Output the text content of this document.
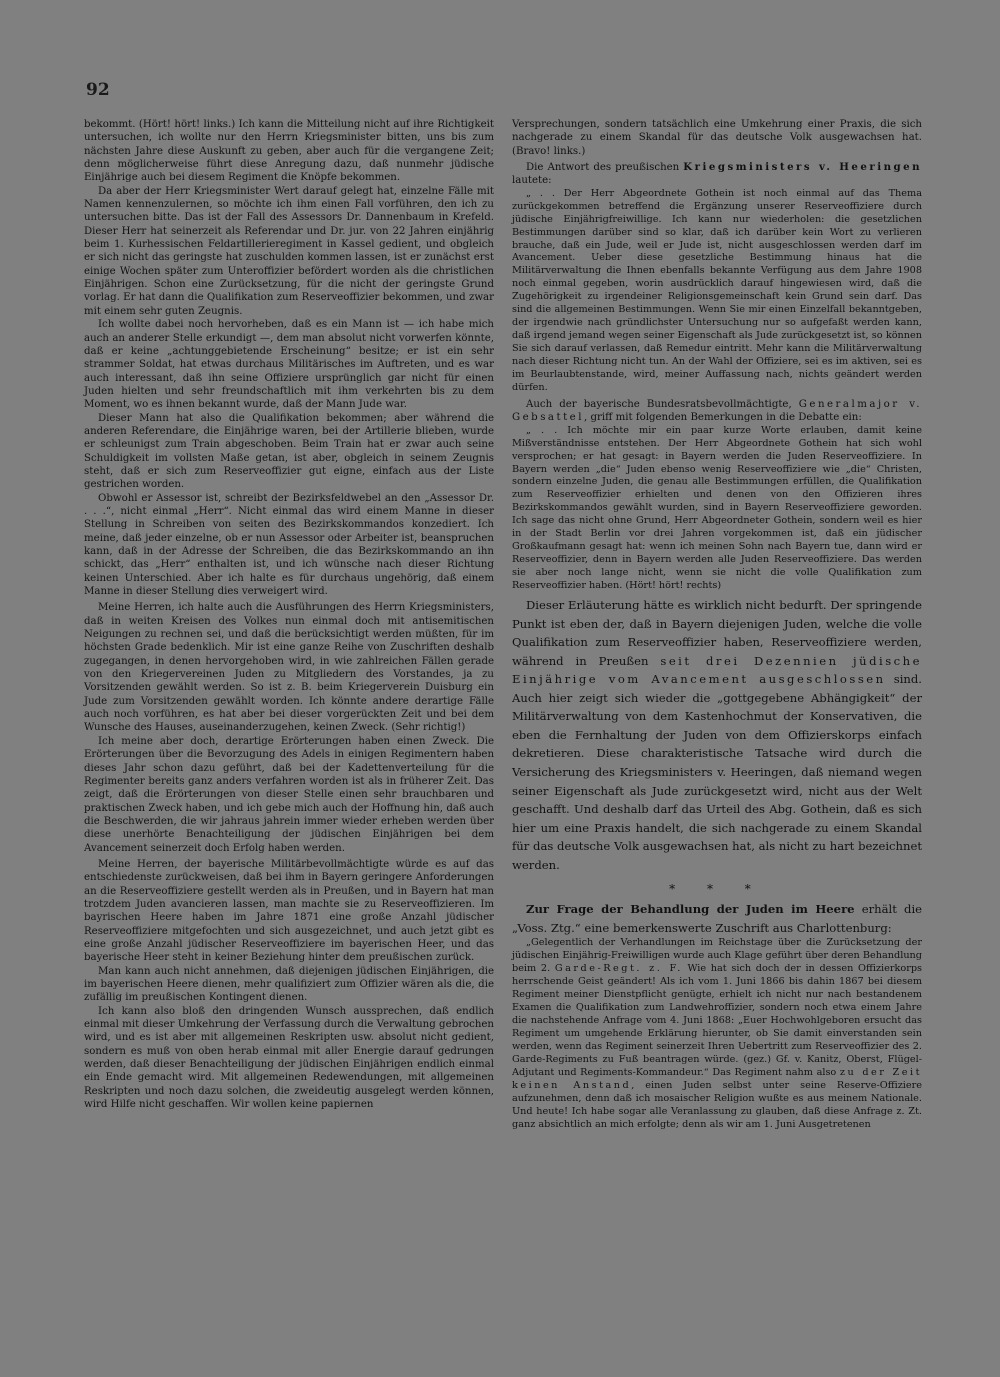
92

bekommt. (Hört! hört! links.) Ich kann die Mitteilung nicht auf ihre Richtigkeit untersuchen, ich wollte nur den Herrn Kriegsminister bitten, uns bis zum nächsten Jahre diese Auskunft zu geben, aber auch für die vergangene Zeit; denn möglicherweise führt diese Anregung dazu, daß nunmehr jüdische Einjährige auch bei diesem Regiment die Knöpfe bekommen.

Da aber der Herr Kriegsminister Wert darauf gelegt hat, einzelne Fälle mit Namen kennenzulernen, so möchte ich ihm einen Fall vorführen, den ich zu untersuchen bitte. Das ist der Fall des Assessors Dr. Dannenbaum in Krefeld. Dieser Herr hat seinerzeit als Referendar und Dr. jur. von 22 Jahren einjährig beim 1. Kurhessischen Feldartillerieregiment in Kassel gedient, und obgleich er sich nicht das geringste hat zuschulden kommen lassen, ist er zunächst erst einige Wochen später zum Unteroffizier befördert worden als die christlichen Einjährigen. Schon eine Zurücksetzung, für die nicht der geringste Grund vorlag. Er hat dann die Qualifikation zum Reserveoffizier bekommen, und zwar mit einem sehr guten Zeugnis.

Ich wollte dabei noch hervorheben, daß es ein Mann ist — ich habe mich auch an anderer Stelle erkundigt —, dem man absolut nicht vorwerfen könnte, daß er keine „achtunggebietende Erscheinung“ besitze; er ist ein sehr strammer Soldat, hat etwas durchaus Militärisches im Auftreten, und es war auch interessant, daß ihn seine Offiziere ursprünglich gar nicht für einen Juden hielten und sehr freundschaftlich mit ihm verkehrten bis zu dem Moment, wo es ihnen bekannt wurde, daß der Mann Jude war.

Dieser Mann hat also die Qualifikation bekommen; aber während die anderen Referendare, die Einjährige waren, bei der Artillerie blieben, wurde er schleunigst zum Train abgeschoben. Beim Train hat er zwar auch seine Schuldigkeit im vollsten Maße getan, ist aber, obgleich in seinem Zeugnis steht, daß er sich zum Reserveoffizier gut eigne, einfach aus der Liste gestrichen worden.

Obwohl er Assessor ist, schreibt der Bezirksfeldwebel an den „Assessor Dr. . . .“, nicht einmal „Herr“. Nicht einmal das wird einem Manne in dieser Stellung in Schreiben von seiten des Bezirkskommandos konzediert. Ich meine, daß jeder einzelne, ob er nun Assessor oder Arbeiter ist, beanspruchen kann, daß in der Adresse der Schreiben, die das Bezirkskommando an ihn schickt, das „Herr“ enthalten ist, und ich wünsche nach dieser Richtung keinen Unterschied. Aber ich halte es für durchaus ungehörig, daß einem Manne in dieser Stellung dies verweigert wird.

Meine Herren, ich halte auch die Ausführungen des Herrn Kriegsministers, daß in weiten Kreisen des Volkes nun einmal doch mit antisemitischen Neigungen zu rechnen sei, und daß die berücksichtigt werden müßten, für im höchsten Grade bedenklich. Mir ist eine ganze Reihe von Zuschriften deshalb zugegangen, in denen hervorgehoben wird, in wie zahlreichen Fällen gerade von den Kriegervereinen Juden zu Mitgliedern des Vorstandes, ja zu Vorsitzenden gewählt werden. So ist z. B. beim Kriegerverein Duisburg ein Jude zum Vorsitzenden gewählt worden. Ich könnte andere derartige Fälle auch noch vorführen, es hat aber bei dieser vorgerückten Zeit und bei dem Wunsche des Hauses, auseinanderzugehen, keinen Zweck. (Sehr richtig!)

Ich meine aber doch, derartige Erörterungen haben einen Zweck. Die Erörterungen über die Bevorzugung des Adels in einigen Regimentern haben dieses Jahr schon dazu geführt, daß bei der Kadettenverteilung für die Regimenter bereits ganz anders verfahren worden ist als in früherer Zeit. Das zeigt, daß die Erörterungen von dieser Stelle einen sehr brauchbaren und praktischen Zweck haben, und ich gebe mich auch der Hoffnung hin, daß auch die Beschwerden, die wir jahraus jahrein immer wieder erheben werden über diese unerhörte Benachteiligung der jüdischen Einjährigen bei dem Avancement seinerzeit doch Erfolg haben werden.

Meine Herren, der bayerische Militärbevollmächtigte würde es auf das entschiedenste zurückweisen, daß bei ihm in Bayern geringere Anforderungen an die Reserveoffiziere gestellt werden als in Preußen, und in Bayern hat man trotzdem Juden avancieren lassen, man machte sie zu Reserveoffizieren. Im bayrischen Heere haben im Jahre 1871 eine große Anzahl jüdischer Reserveoffiziere mitgefochten und sich ausgezeichnet, und auch jetzt gibt es eine große Anzahl jüdischer Reserveoffiziere im bayerischen Heer, und das bayerische Heer steht in keiner Beziehung hinter dem preußischen zurück.

Man kann auch nicht annehmen, daß diejenigen jüdischen Einjährigen, die im bayerischen Heere dienen, mehr qualifiziert zum Offizier wären als die, die zufällig im preußischen Kontingent dienen.

Ich kann also bloß den dringenden Wunsch aussprechen, daß endlich einmal mit dieser Umkehrung der Verfassung durch die Verwaltung gebrochen wird, und es ist aber mit allgemeinen Reskripten usw. absolut nicht gedient, sondern es muß von oben herab einmal mit aller Energie darauf gedrungen werden, daß dieser Benachteiligung der jüdischen Einjährigen endlich einmal ein Ende gemacht wird. Mit allgemeinen Redewendungen, mit allgemeinen Reskripten und noch dazu solchen, die zweideutig ausgelegt werden können, wird Hilfe nicht geschaffen. Wir wollen keine papiernen

Versprechungen, sondern tatsächlich eine Umkehrung einer Praxis, die sich nachgerade zu einem Skandal für das deutsche Volk ausgewachsen hat. (Bravo! links.)

Die Antwort des preußischen Kriegsministers v. Heeringen lautete:

„ . . Der Herr Abgeordnete Gothein ist noch einmal auf das Thema zurückgekommen betreffend die Ergänzung unserer Reserveoffiziere durch jüdische Einjährigfreiwillige. Ich kann nur wiederholen: die gesetzlichen Bestimmungen darüber sind so klar, daß ich darüber kein Wort zu verlieren brauche, daß ein Jude, weil er Jude ist, nicht ausgeschlossen werden darf im Avancement. Ueber diese gesetzliche Bestimmung hinaus hat die Militärverwaltung die Ihnen ebenfalls bekannte Verfügung aus dem Jahre 1908 noch einmal gegeben, worin ausdrücklich darauf hingewiesen wird, daß die Zugehörigkeit zu irgendeiner Religionsgemeinschaft kein Grund sein darf. Das sind die allgemeinen Bestimmungen. Wenn Sie mir einen Einzelfall bekanntgeben, der irgendwie nach gründlichster Untersuchung nur so aufgefaßt werden kann, daß irgend jemand wegen seiner Eigenschaft als Jude zurückgesetzt ist, so können Sie sich darauf verlassen, daß Remedur eintritt. Mehr kann die Militärverwaltung nach dieser Richtung nicht tun. An der Wahl der Offiziere, sei es im aktiven, sei es im Beurlaubtenstande, wird, meiner Auffassung nach, nichts geändert werden dürfen.

Auch der bayerische Bundesratsbevollmächtigte, Generalmajor v. Gebsattel, griff mit folgenden Bemerkungen in die Debatte ein:

„ . . Ich möchte mir ein paar kurze Worte erlauben, damit keine Mißverständnisse entstehen. Der Herr Abgeordnete Gothein hat sich wohl versprochen; er hat gesagt: in Bayern werden die Juden Reserveoffiziere. In Bayern werden „die“ Juden ebenso wenig Reserveoffiziere wie „die“ Christen, sondern einzelne Juden, die genau alle Bestimmungen erfüllen, die Qualifikation zum Reserveoffizier erhielten und denen von den Offizieren ihres Bezirkskommandos gewählt wurden, sind in Bayern Reserveoffiziere geworden. Ich sage das nicht ohne Grund, Herr Abgeordneter Gothein, sondern weil es hier in der Stadt Berlin vor drei Jahren vorgekommen ist, daß ein jüdischer Großkaufmann gesagt hat: wenn ich meinen Sohn nach Bayern tue, dann wird er Reserveoffizier, denn in Bayern werden alle Juden Reserveoffiziere. Das werden sie aber noch lange nicht, wenn sie nicht die volle Qualifikation zum Reserveoffizier haben. (Hört! hört! rechts)

Dieser Erläuterung hätte es wirklich nicht bedurft. Der springende Punkt ist eben der, daß in Bayern diejenigen Juden, welche die volle Qualifikation zum Reserveoffizier haben, Reserveoffiziere werden, während in Preußen seit drei Dezennien jüdische Einjährige vom Avancement ausgeschlossen sind. Auch hier zeigt sich wieder die „gottgegebene Abhängigkeit“ der Militärverwaltung von dem Kastenhochmut der Konservativen, die eben die Fernhaltung der Juden von dem Offizierskorps einfach dekretieren. Diese charakteristische Tatsache wird durch die Versicherung des Kriegsministers v. Heeringen, daß niemand wegen seiner Eigenschaft als Jude zurückgesetzt wird, nicht aus der Welt geschafft. Und deshalb darf das Urteil des Abg. Gothein, daß es sich hier um eine Praxis handelt, die sich nachgerade zu einem Skandal für das deutsche Volk ausgewachsen hat, als nicht zu hart bezeichnet werden.

* * *

Zur Frage der Behandlung der Juden im Heere erhält die „Voss. Ztg.“ eine bemerkenswerte Zuschrift aus Charlottenburg:

„Gelegentlich der Verhandlungen im Reichstage über die Zurücksetzung der jüdischen Einjährig-Freiwilligen wurde auch Klage geführt über deren Behandlung beim 2. Garde-Regt. z. F. Wie hat sich doch der in dessen Offizierkorps herrschende Geist geändert! Als ich vom 1. Juni 1866 bis dahin 1867 bei diesem Regiment meiner Dienstpflicht genügte, erhielt ich nicht nur nach bestandenem Examen die Qualifikation zum Landwehroffizier, sondern noch etwa einem Jahre die nachstehende Anfrage vom 4. Juni 1868: „Euer Hochwohlgeboren ersucht das Regiment um umgehende Erklärung hierunter, ob Sie damit einverstanden sein werden, wenn das Regiment seinerzeit Ihren Uebertritt zum Reserveoffizier des 2. Garde-Regiments zu Fuß beantragen würde. (gez.) Gf. v. Kanitz, Oberst, Flügel-Adjutant und Regiments-Kommandeur.“ Das Regiment nahm also zu der Zeit keinen Anstand, einen Juden selbst unter seine Reserve-Offiziere aufzunehmen, denn daß ich mosaischer Religion wußte es aus meinem Nationale. Und heute! Ich habe sogar alle Veranlassung zu glauben, daß diese Anfrage z. Zt. ganz absichtlich an mich erfolgte; denn als wir am 1. Juni Ausgetretenen
